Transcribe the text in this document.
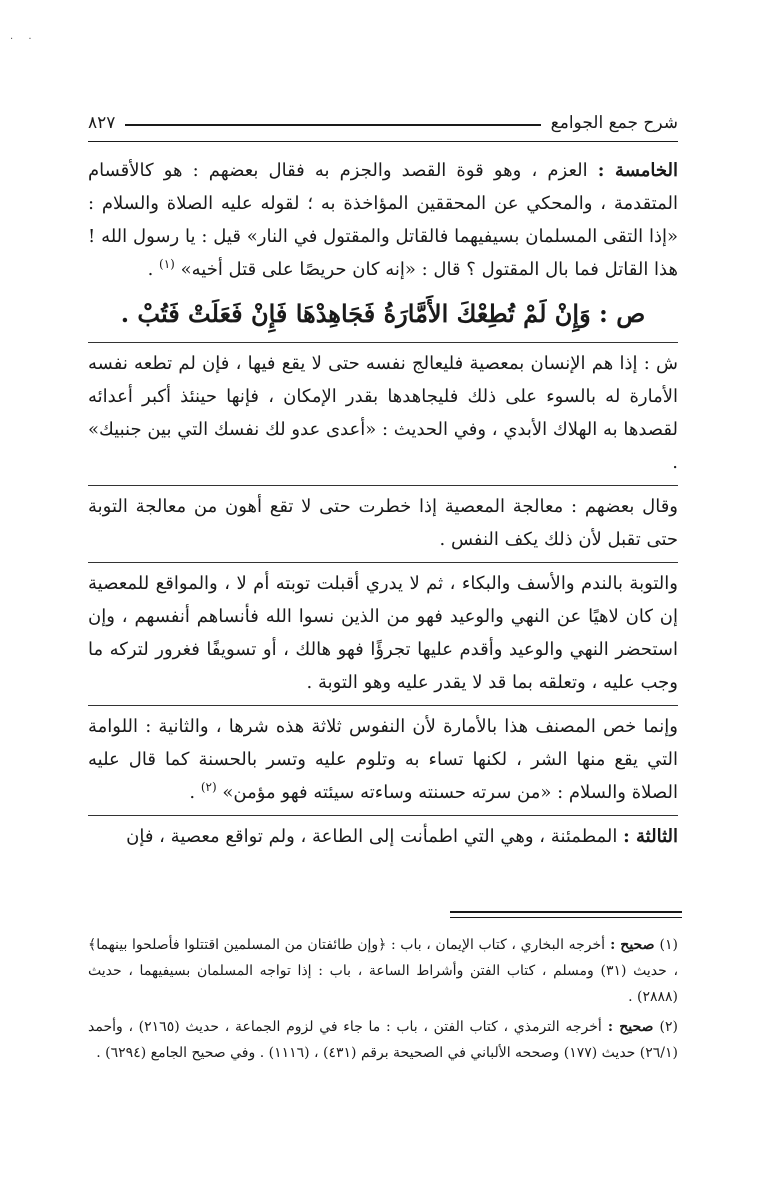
· ·
شرح جمع الجوامع
٨٢٧

الخامسة : العزم ، وهو قوة القصد والجزم به فقال بعضهم : هو كالأقسام المتقدمة ، والمحكي عن المحققين المؤاخذة به ؛ لقوله عليه الصلاة والسلام : «إذا التقى المسلمان بسيفيهما فالقاتل والمقتول في النار» قيل : يا رسول الله ! هذا القاتل فما بال المقتول ؟ قال : «إنه كان حريصًا على قتل أخيه» $^{(١)}$ .

ص : وَإِنْ لَمْ تُطِعْكَ الأَمَّارَةُ فَجَاهِدْهَا فَإِنْ فَعَلَتْ فَتُبْ .

ش : إذا هم الإنسان بمعصية فليعالج نفسه حتى لا يقع فيها ، فإن لم تطعه نفسه الأمارة له بالسوء على ذلك فليجاهدها بقدر الإمكان ، فإنها حينئذ أكبر أعدائه لقصدها به الهلاك الأبدي ، وفي الحديث : «أعدى عدو لك نفسك التي بين جنبيك» .

وقال بعضهم : معالجة المعصية إذا خطرت حتى لا تقع أهون من معالجة التوبة حتى تقبل لأن ذلك يكف النفس .

والتوبة بالندم والأسف والبكاء ، ثم لا يدري أقبلت توبته أم لا ، والمواقع للمعصية إن كان لاهيًا عن النهي والوعيد فهو من الذين نسوا الله فأنساهم أنفسهم ، وإن استحضر النهي والوعيد وأقدم عليها تجرؤًا فهو هالك ، أو تسويفًا فغرور لتركه ما وجب عليه ، وتعلقه بما قد لا يقدر عليه وهو التوبة .

وإنما خص المصنف هذا بالأمارة لأن النفوس ثلاثة هذه شرها ، والثانية : اللوامة التي يقع منها الشر ، لكنها تساء به وتلوم عليه وتسر بالحسنة كما قال عليه الصلاة والسلام : «من سرته حسنته وساءته سيئته فهو مؤمن» $^{(٢)}$ .

الثالثة : المطمئنة ، وهي التي اطمأنت إلى الطاعة ، ولم تواقع معصية ، فإن

(١) صحيح : أخرجه البخاري ، كتاب الإيمان ، باب : ﴿وإن طائفتان من المسلمين اقتتلوا فأصلحوا بينهما﴾ ، حديث (٣١) ومسلم ، كتاب الفتن وأشراط الساعة ، باب : إذا تواجه المسلمان بسيفيهما ، حديث (٢٨٨٨) .

(٢) صحيح : أخرجه الترمذي ، كتاب الفتن ، باب : ما جاء في لزوم الجماعة ، حديث (٢١٦٥) ، وأحمد (٢٦/١) حديث (١٧٧) وصححه الألباني في الصحيحة برقم (٤٣١) ، (١١١٦) . وفي صحيح الجامع (٦٢٩٤) .
